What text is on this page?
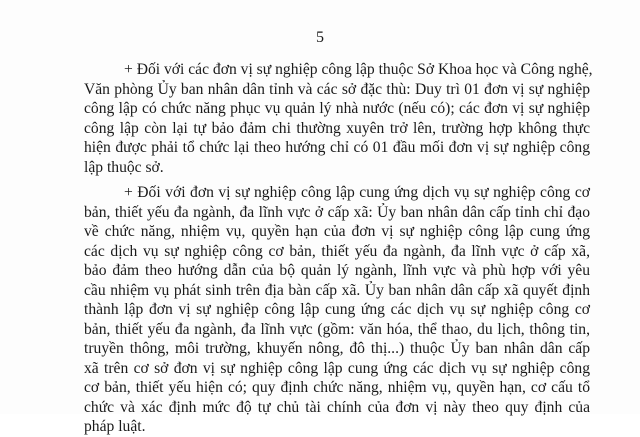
5

+ Đối với các đơn vị sự nghiệp công lập thuộc Sở Khoa học và Công nghệ,
Văn phòng Ủy ban nhân dân tỉnh và các sở đặc thù: Duy trì 01 đơn vị sự nghiệp
công lập có chức năng phục vụ quản lý nhà nước (nếu có); các đơn vị sự nghiệp
công lập còn lại tự bảo đảm chi thường xuyên trở lên, trường hợp không thực
hiện được phải tổ chức lại theo hướng chỉ có 01 đầu mối đơn vị sự nghiệp công
lập thuộc sở.

+ Đối với đơn vị sự nghiệp công lập cung ứng dịch vụ sự nghiệp công cơ
bản, thiết yếu đa ngành, đa lĩnh vực ở cấp xã: Ủy ban nhân dân cấp tỉnh chỉ đạo
về chức năng, nhiệm vụ, quyền hạn của đơn vị sự nghiệp công lập cung ứng
các dịch vụ sự nghiệp công cơ bản, thiết yếu đa ngành, đa lĩnh vực ở cấp xã,
bảo đảm theo hướng dẫn của bộ quản lý ngành, lĩnh vực và phù hợp với yêu
cầu nhiệm vụ phát sinh trên địa bàn cấp xã. Ủy ban nhân dân cấp xã quyết định
thành lập đơn vị sự nghiệp công lập cung ứng các dịch vụ sự nghiệp công cơ
bản, thiết yếu đa ngành, đa lĩnh vực (gồm: văn hóa, thể thao, du lịch, thông tin,
truyền thông, môi trường, khuyến nông, đô thị...) thuộc Ủy ban nhân dân cấp
xã trên cơ sở đơn vị sự nghiệp công lập cung ứng các dịch vụ sự nghiệp công
cơ bản, thiết yếu hiện có; quy định chức năng, nhiệm vụ, quyền hạn, cơ cấu tổ
chức và xác định mức độ tự chủ tài chính của đơn vị này theo quy định của
pháp luật.
